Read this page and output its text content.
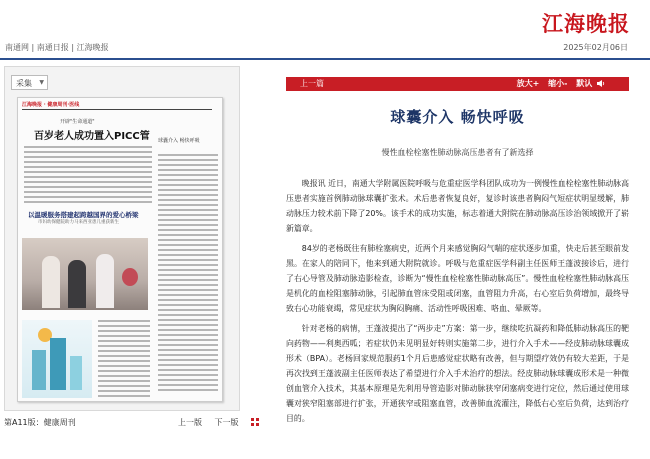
江海晚报
南通网 | 南通日报 | 江海晚报	2025年02月06日
采集 ▼
江海晚报 · 健康周刊·医线
开辟"生命通道"
百岁老人成功置入PICC管 球囊介入 畅快呼吸
以温暖服务搭建起跨越国界的爱心桥梁
市妇幼保健院助力马来西亚患儿重获新生
第A11版：健康周刊	上一版 下一版
上一篇	放大+ 缩小- 默认
球囊介入 畅快呼吸
慢性血栓栓塞性肺动脉高压患者有了新选择

晚报讯 近日，南通大学附属医院呼吸与危重症医学科团队成功为一例慢性血栓栓塞性肺动脉高压患者实施首例肺动脉球囊扩张术。术后患者恢复良好，复诊时该患者胸闷气短症状明显缓解，肺动脉压力较术前下降了20%。该手术的成功实施，标志着通大附院在肺动脉高压诊治领域掀开了崭新篇章。

84岁的老杨既往有肺栓塞病史，近两个月来感觉胸闷气喘的症状逐步加重，快走后甚至眼前发黑。在家人的陪同下，他来到通大附院就诊。呼吸与危重症医学科副主任医师王蓬波接诊后，进行了右心导管及肺动脉造影检查，诊断为“慢性血栓栓塞性肺动脉高压”。慢性血栓栓塞性肺动脉高压是机化的血栓阻塞肺动脉，引起肺血管床受阻或闭塞，血管阻力升高，右心室后负荷增加，最终导致右心功能衰竭，常见症状为胸闷胸痛、活动性呼吸困难、咯血、晕厥等。

针对老杨的病情，王蓬波提出了“两步走”方案：第一步，继续吃抗凝药和降低肺动脉高压的靶向药物——利奥西呱；若症状仍未见明显好转则实施第二步，进行介入手术——经皮肺动脉球囊成形术（BPA）。老杨回家规范服药1个月后患感觉症状略有改善，但与期望疗效仍有较大差距，于是再次找到王蓬波副主任医师表达了希望进行介入手术治疗的想法。经皮肺动脉球囊成形术是一种微创血管介入技术，其基本原理是先利用导管造影对肺动脉狭窄闭塞病变进行定位，然后通过使用球囊对狭窄阻塞部进行扩张，开通狭窄或阻塞血管，改善肺血流灌注，降低右心室后负荷，达到治疗目的。
